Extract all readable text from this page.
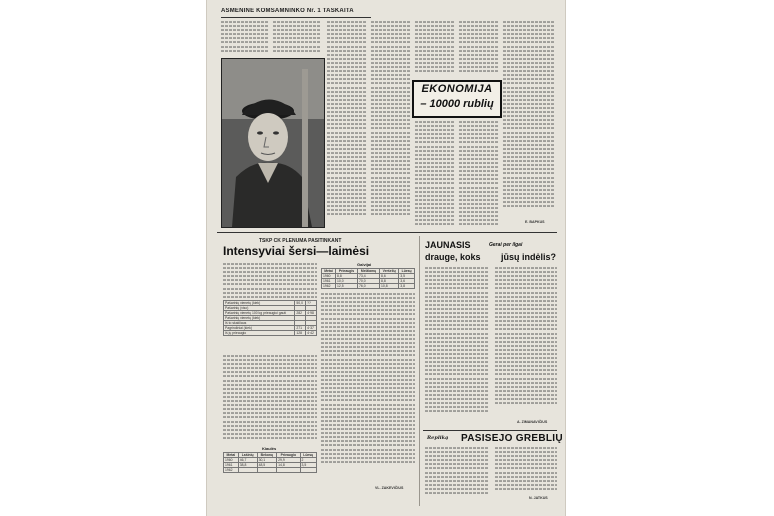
ASMENINĖ KOMSAMNINKO Nr. 1 TASKAITA
EKONOMIJA
– 10000 rublių
E. BAPKUS
TSKP CK PLENUMA PASITINKANT
Intensyviai šersi—laimėsi
Pašarinių vienetų (kiek)	50,0	??
Pašarinių (viso)		
Pašarinių vienetų 100 kg prieaugiui gauti	282	4·98
Pašarinių vienetų (kiek)		
Iš to skaičiaus		
Pagrindiniai (kiek)	271	4·37
Iš jų prieaugio	128	4·42
Kiaulės
Metai	Lašinių	Bekonų	Prieaugio	Lūesų
1960	46,7	30,1	29,9	2
1961	38,8	48,5	14,8	3,5
1962				
Galvijai
Metai	Prieaugis	Melžiamų	Veršelių	Lūesų
1960	8,8	73,4	8,6	3,5
1961	10,0	70,0	8,8	3,6
1962	12,5	76,0	10,8	3,8
VL. ZAKEVIČIUS
JAUNASIS	Gerai per ilgai
drauge, koks jūsų indėlis?
A. ZIMANAVIČIUS
Repliką PASISEJO GREBLIŲ
N. JATKUS
